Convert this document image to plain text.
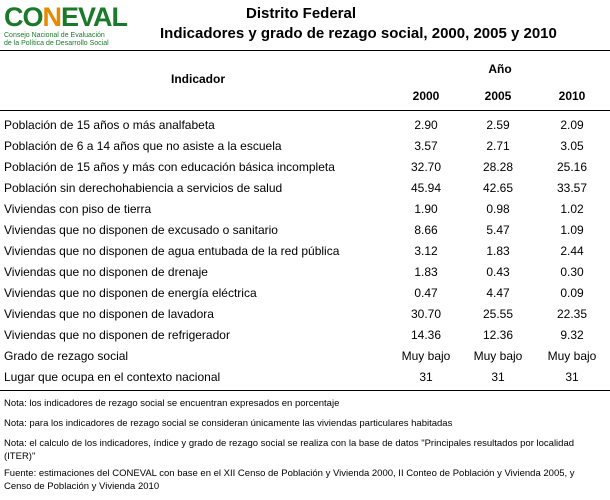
CONEVAL
Consejo Nacional de Evaluación
de la Política de Desarrollo Social
Distrito Federal
Indicadores y grado de rezago social, 2000, 2005 y 2010
Indicador
Año
2000	2005	2010
Población de 15 años o más analfabeta	2.90	2.59	2.09
Población de 6 a 14 años que no asiste a la escuela	3.57	2.71	3.05
Población de 15 años y más con educación básica incompleta	32.70	28.28	25.16
Población sin derechohabiencia a servicios de salud	45.94	42.65	33.57
Viviendas con piso de tierra	1.90	0.98	1.02
Viviendas que no disponen de excusado o sanitario	8.66	5.47	1.09
Viviendas que no disponen de agua entubada de la red pública	3.12	1.83	2.44
Viviendas que no disponen de drenaje	1.83	0.43	0.30
Viviendas que no disponen de energía eléctrica	0.47	4.47	0.09
Viviendas que no disponen de lavadora	30.70	25.55	22.35
Viviendas que no disponen de refrigerador	14.36	12.36	9.32
Grado de rezago social	Muy bajo	Muy bajo	Muy bajo
Lugar que ocupa en el contexto nacional	31	31	31

Nota: los indicadores de rezago social se encuentran expresados en porcentaje

Nota: para los indicadores de rezago social se consideran únicamente las viviendas particulares habitadas

Nota: el calculo de los indicadores, índice y grado de rezago social se realiza con la base de datos "Principales resultados por localidad (ITER)"

Fuente: estimaciones del CONEVAL con base en el XII Censo de Población y Vivienda 2000, II Conteo de Población y Vivienda 2005, y Censo de Población y Vivienda 2010
